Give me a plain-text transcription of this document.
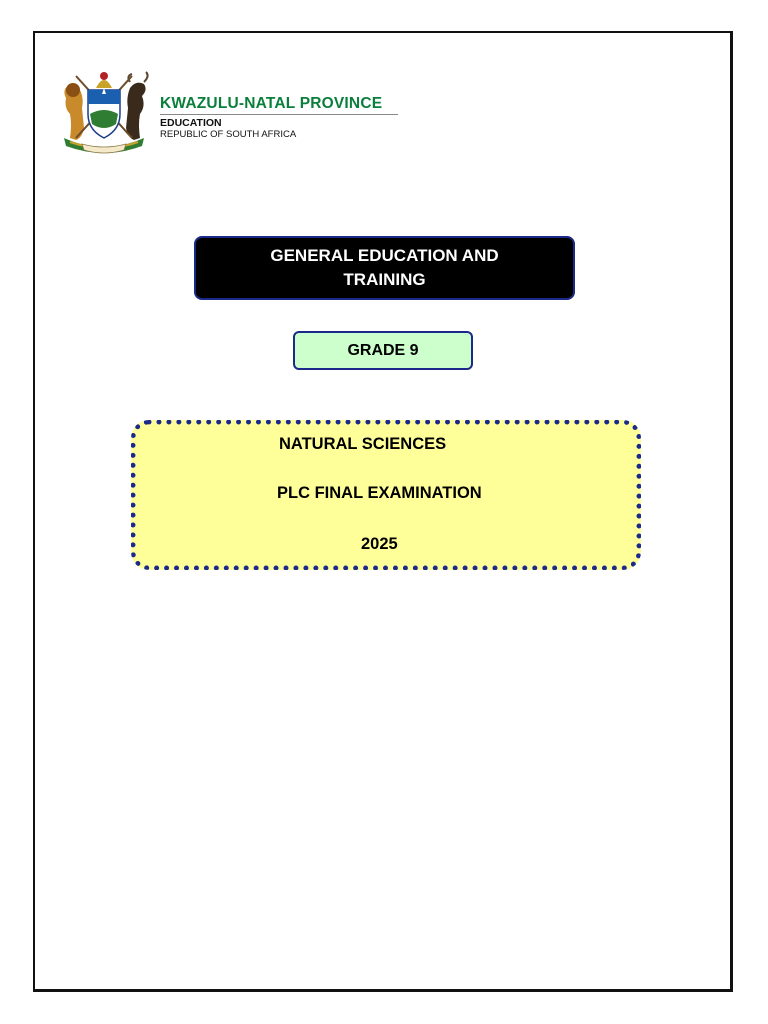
KWAZULU-NATAL PROVINCE
EDUCATION
REPUBLIC OF SOUTH AFRICA
GENERAL EDUCATION AND
TRAINING
GRADE 9
NATURAL SCIENCES
PLC FINAL EXAMINATION
2025
